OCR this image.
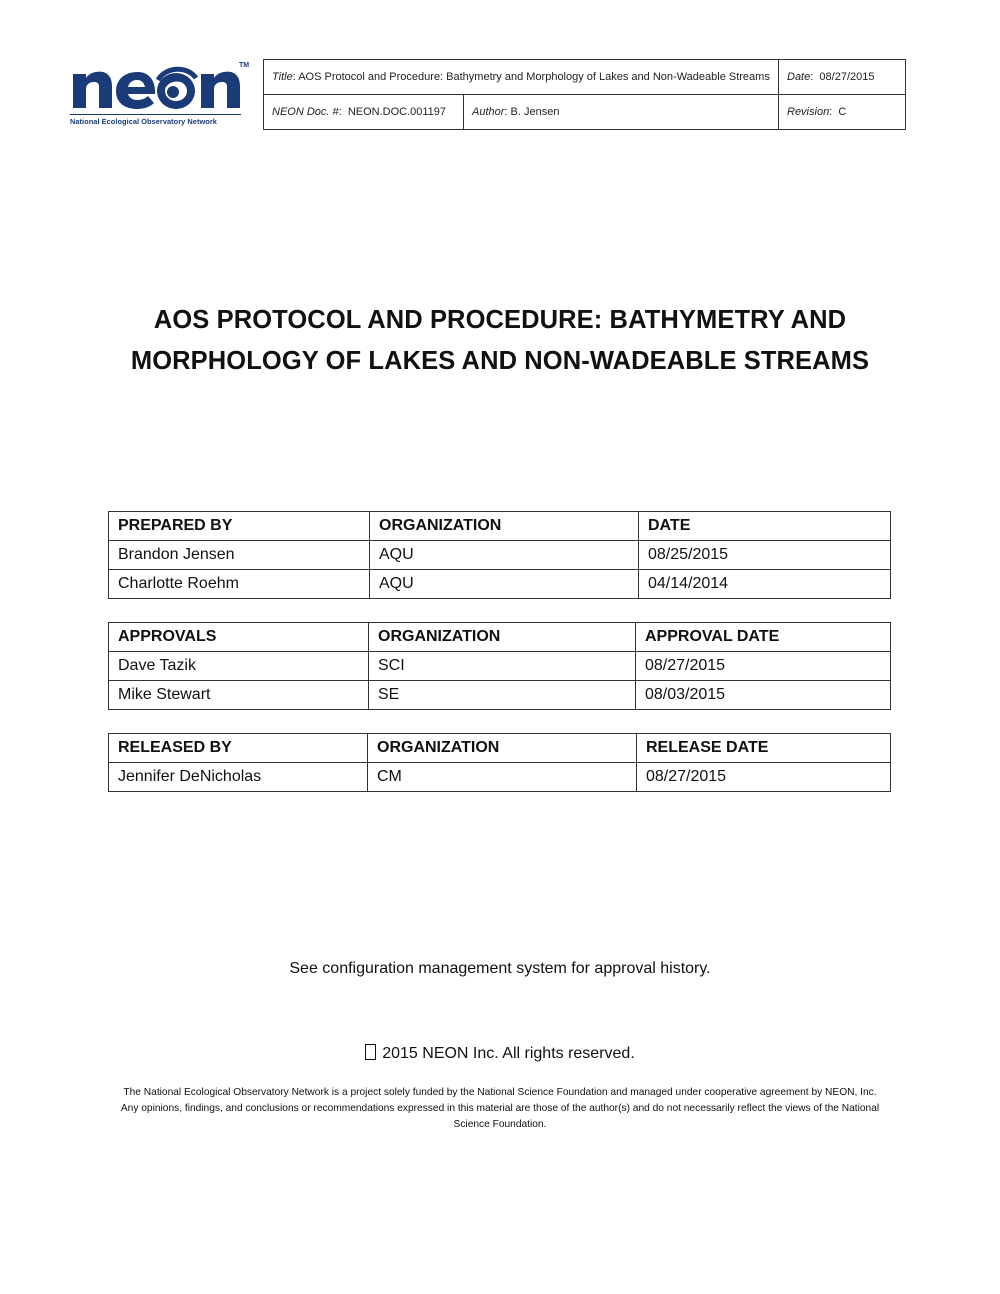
TM
National Ecological Observatory Network
Title: AOS Protocol and Procedure: Bathymetry and Morphology of Lakes and Non-Wadeable Streams		Date:  08/27/2015
NEON Doc. #:  NEON.DOC.001197	Author: B. Jensen	Revision:  C
AOS PROTOCOL AND PROCEDURE: BATHYMETRY AND
MORPHOLOGY OF LAKES AND NON-WADEABLE STREAMS
PREPARED BY	ORGANIZATION	DATE
Brandon Jensen	AQU	08/25/2015
Charlotte Roehm	AQU	04/14/2014
APPROVALS	ORGANIZATION	APPROVAL DATE
Dave Tazik	SCI	08/27/2015
Mike Stewart	SE	08/03/2015
RELEASED BY	ORGANIZATION	RELEASE DATE
Jennifer DeNicholas	CM	08/27/2015
See configuration management system for approval history.
2015 NEON Inc. All rights reserved.
The National Ecological Observatory Network is a project solely funded by the National Science Foundation and managed under cooperative agreement by NEON, Inc. Any opinions, findings, and conclusions or recommendations expressed in this material are those of the author(s) and do not necessarily reflect the views of the National Science Foundation.
